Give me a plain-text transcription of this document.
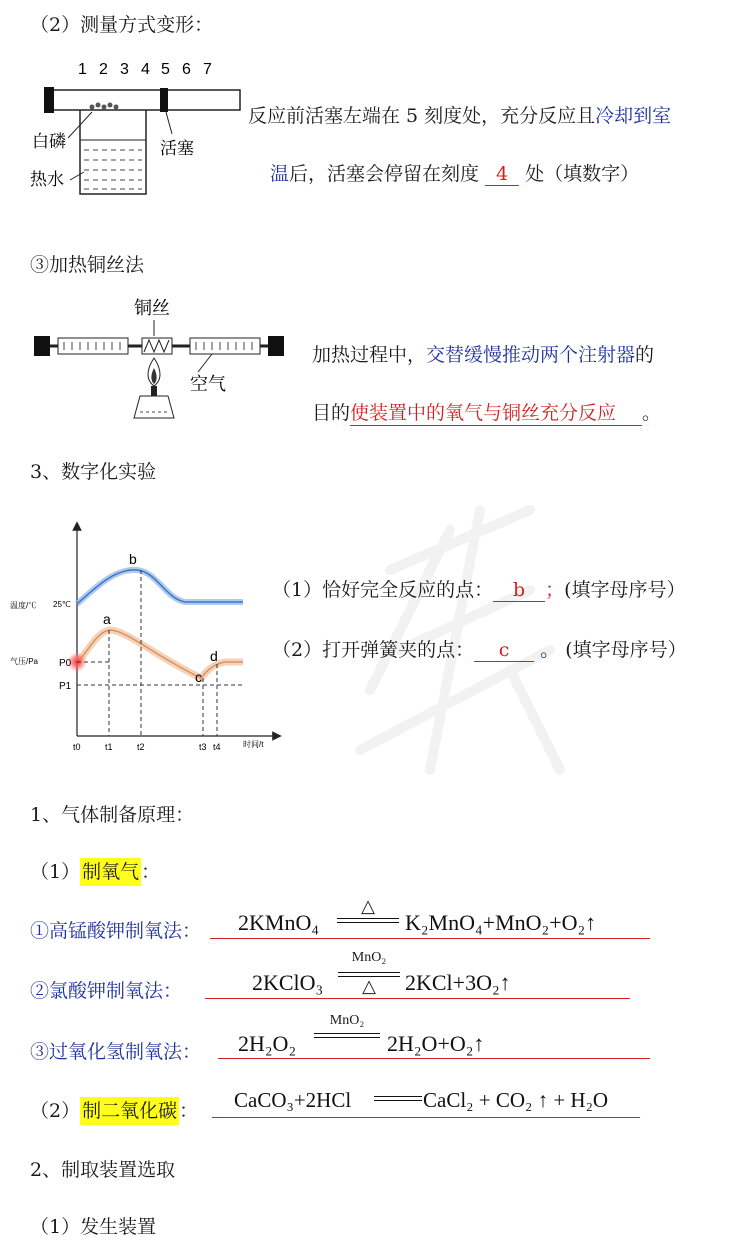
（2）测量方式变形：
1 2 3 4 5 6 7
白磷
热水
活塞
反应前活塞左端在 5 刻度处，充分反应且冷却到室
温后，活塞会停留在刻度 4 处（填数字）
③加热铜丝法
铜丝
空气
加热过程中，交替缓慢推动两个注射器的
目的使装置中的氧气与铜丝充分反应 。
3、数字化实验
温度/℃ 25℃
气压/Pa P0
P1
b
a
c
d
t0	t1	t2	t3 t4	时间/t
（1）恰好完全反应的点： b ；(填字母序号）
（2）打开弹簧夹的点： c 。 (填字母序号）
1、气体制备原理：
（1） 制氧气 ：
①高锰酸钾制氧法： 2KMnO₄
△
K₂MnO₄+MnO₂+O₂↑
②氯酸钾制氧法：	2KClO₃
MnO₂
△	2KCl+3O₂↑
③过氧化氢制氧法： 2H₂O₂
MnO₂
2H₂O+O₂↑
（2） 制二氧化碳 ： CaCO₃+2HCl	CaCl₂ + CO₂ ↑ + H₂O
2、制取装置选取
（1）发生装置
